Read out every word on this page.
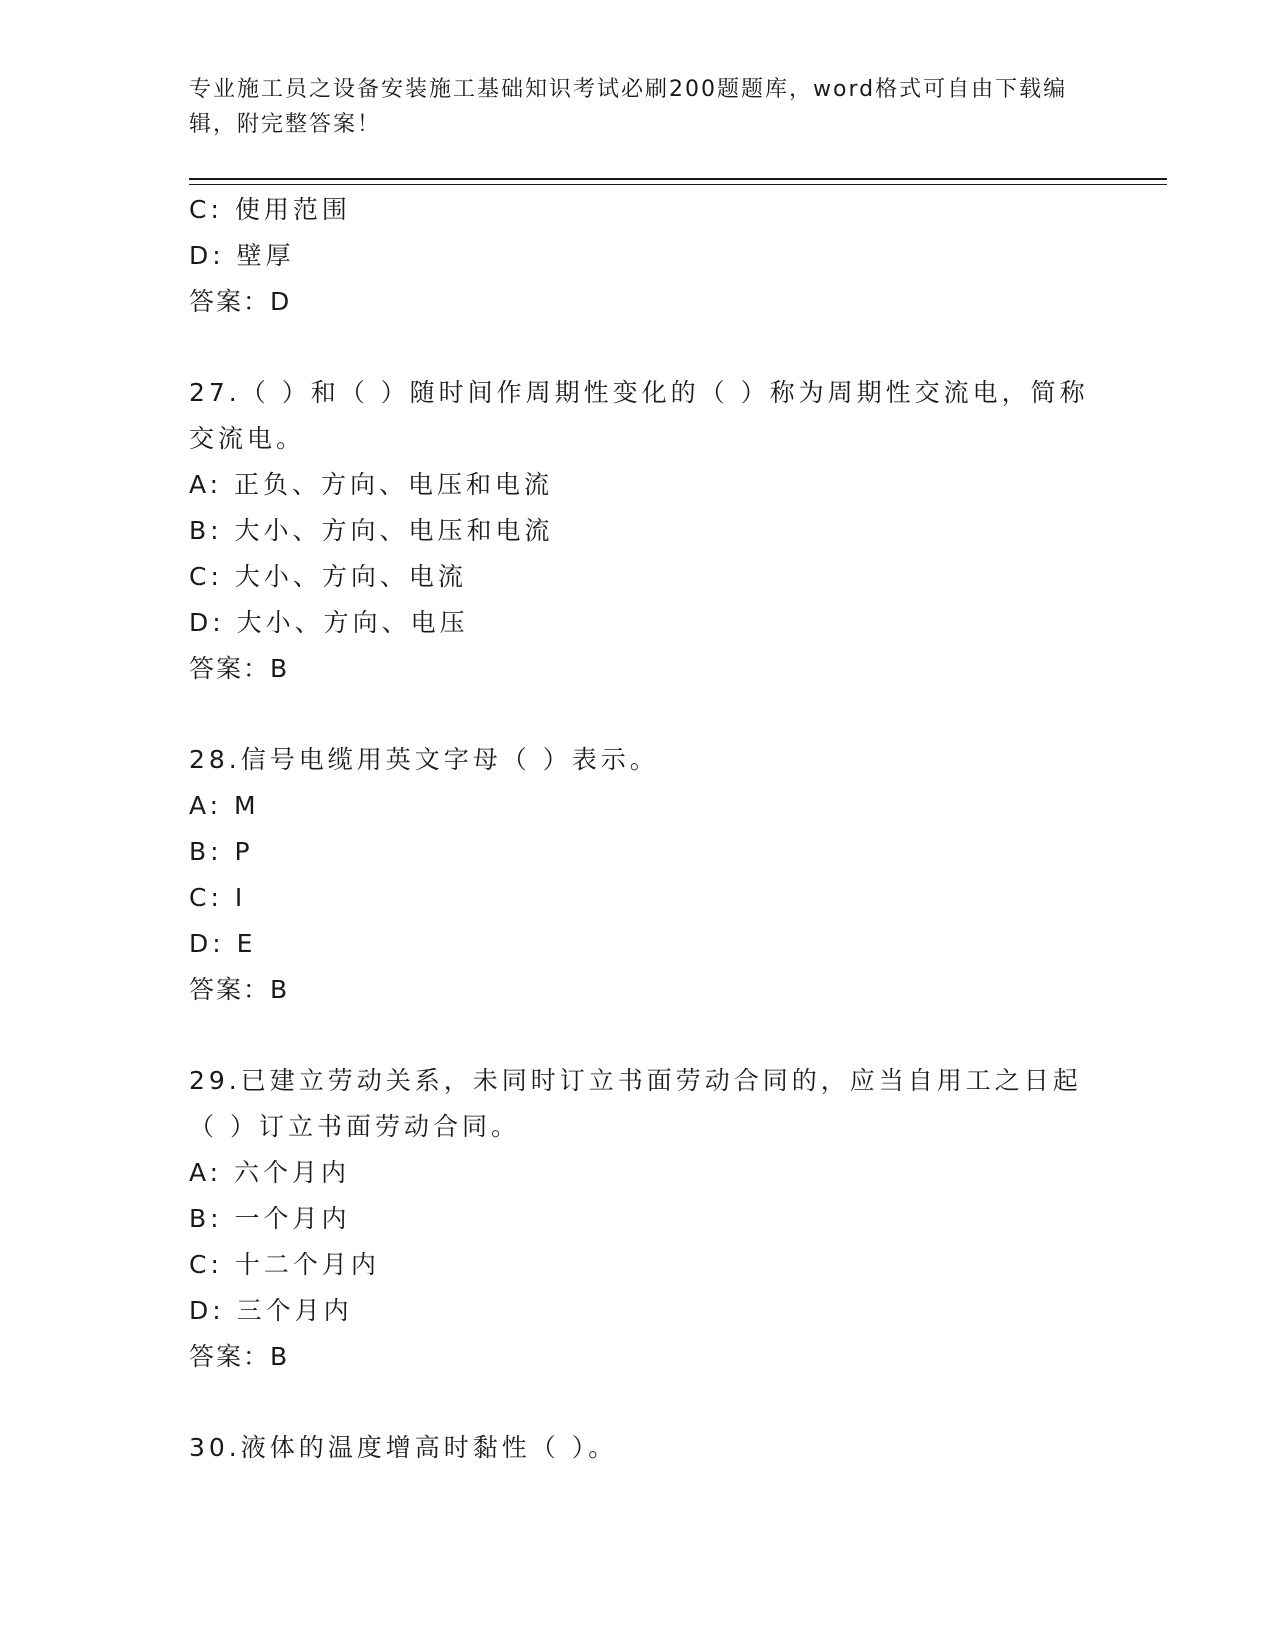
专业施工员之设备安装施工基础知识考试必刷200题题库，word格式可自由下载编辑，附完整答案！
C: 使用范围
D: 壁厚
答案：D
27.（ ）和（ ）随时间作周期性变化的（ ）称为周期性交流电，简称交流电。
A: 正负、方向、电压和电流
B: 大小、方向、电压和电流
C: 大小、方向、电流
D: 大小、方向、电压
答案：B
28.信号电缆用英文字母（ ）表示。
A: M
B: P
C: I
D: E
答案：B
29.已建立劳动关系，未同时订立书面劳动合同的，应当自用工之日起（ ）订立书面劳动合同。
A: 六个月内
B: 一个月内
C: 十二个月内
D: 三个月内
答案：B
30.液体的温度增高时黏性（ ）。
